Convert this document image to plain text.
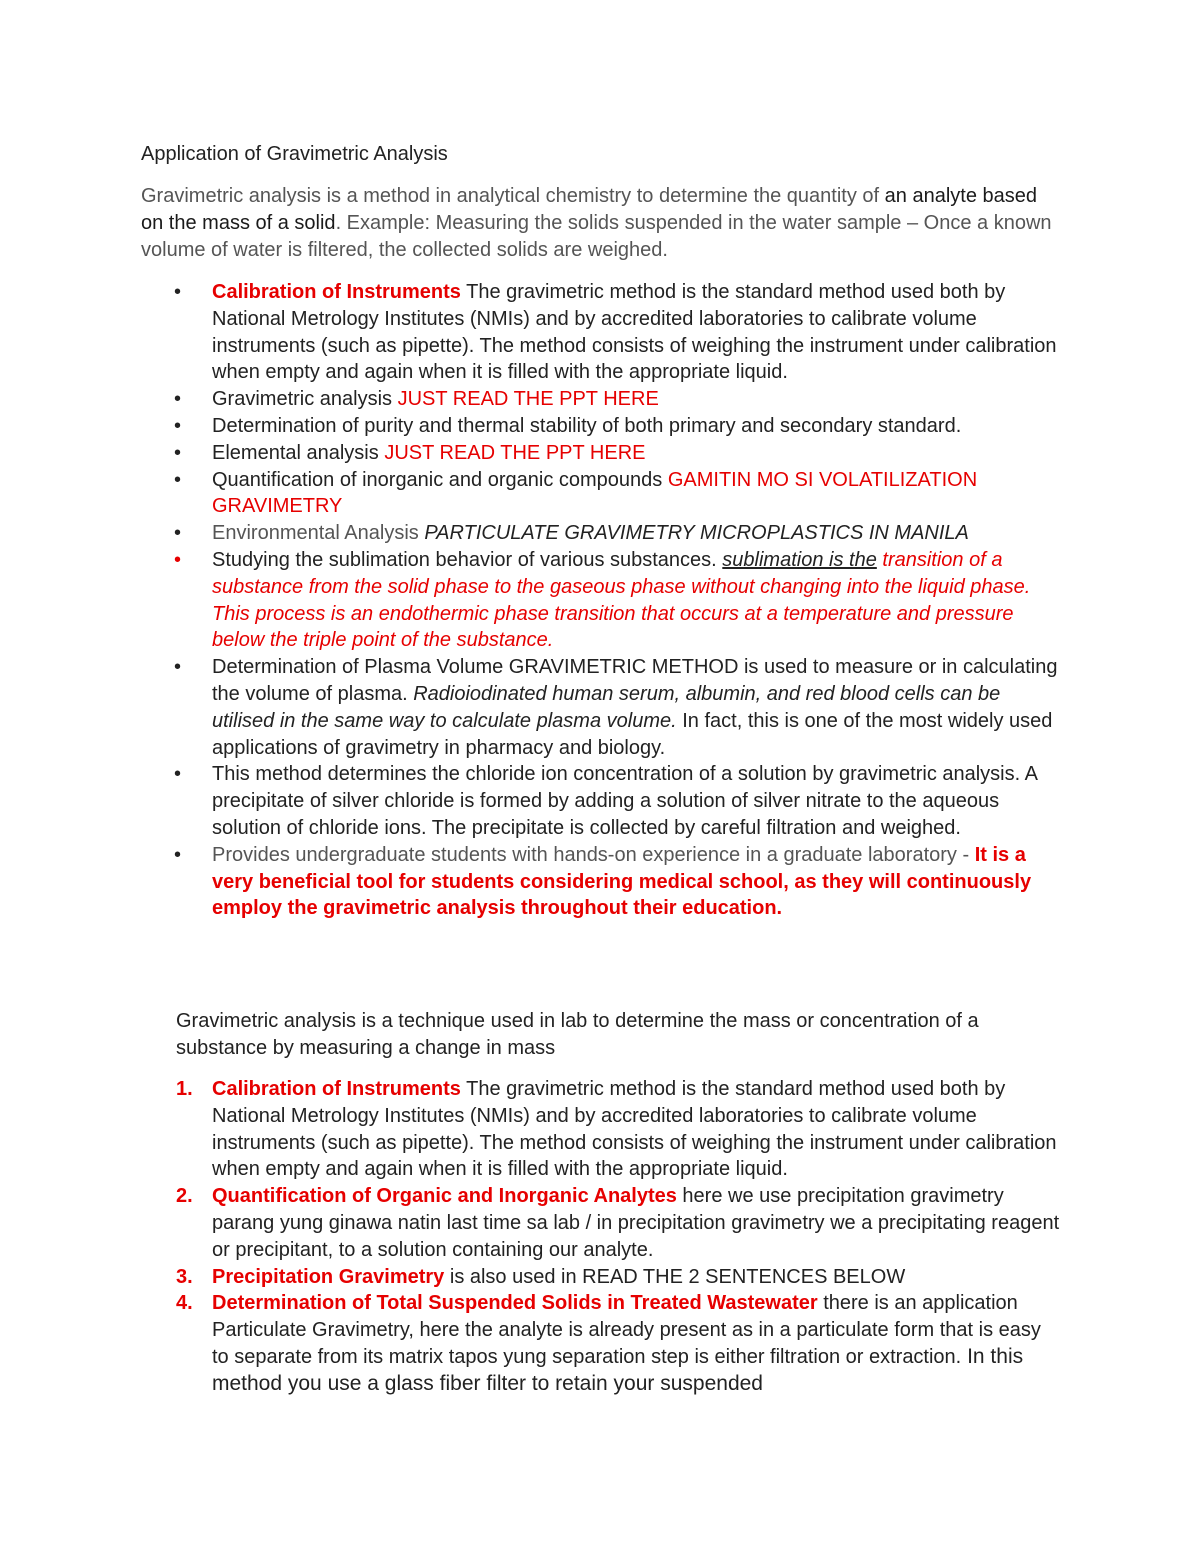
Application of Gravimetric Analysis

Gravimetric analysis is a method in analytical chemistry to determine the quantity of an analyte based on the mass of a solid. Example: Measuring the solids suspended in the water sample – Once a known volume of water is filtered, the collected solids are weighed.

• Calibration of Instruments The gravimetric method is the standard method used both by National Metrology Institutes (NMIs) and by accredited laboratories to calibrate volume instruments (such as pipette). The method consists of weighing the instrument under calibration when empty and again when it is filled with the appropriate liquid.
• Gravimetric analysis JUST READ THE PPT HERE
• Determination of purity and thermal stability of both primary and secondary standard.
• Elemental analysis JUST READ THE PPT HERE
• Quantification of inorganic and organic compounds GAMITIN MO SI VOLATILIZATION GRAVIMETRY
• Environmental Analysis PARTICULATE GRAVIMETRY MICROPLASTICS IN MANILA
• Studying the sublimation behavior of various substances. sublimation is the transition of a substance from the solid phase to the gaseous phase without changing into the liquid phase. This process is an endothermic phase transition that occurs at a temperature and pressure below the triple point of the substance.
• Determination of Plasma Volume GRAVIMETRIC METHOD is used to measure or in calculating the volume of plasma. Radioiodinated human serum, albumin, and red blood cells can be utilised in the same way to calculate plasma volume. In fact, this is one of the most widely used applications of gravimetry in pharmacy and biology.
• This method determines the chloride ion concentration of a solution by gravimetric analysis. A precipitate of silver chloride is formed by adding a solution of silver nitrate to the aqueous solution of chloride ions. The precipitate is collected by careful filtration and weighed.
• Provides undergraduate students with hands-on experience in a graduate laboratory - It is a very beneficial tool for students considering medical school, as they will continuously employ the gravimetric analysis throughout their education.

Gravimetric analysis is a technique used in lab to determine the mass or concentration of a substance by measuring a change in mass

1. Calibration of Instruments The gravimetric method is the standard method used both by National Metrology Institutes (NMIs) and by accredited laboratories to calibrate volume instruments (such as pipette). The method consists of weighing the instrument under calibration when empty and again when it is filled with the appropriate liquid.
2. Quantification of Organic and Inorganic Analytes here we use precipitation gravimetry parang yung ginawa natin last time sa lab / in precipitation gravimetry we a precipitating reagent or precipitant, to a solution containing our analyte.
3. Precipitation Gravimetry is also used in READ THE 2 SENTENCES BELOW
4. Determination of Total Suspended Solids in Treated Wastewater there is an application Particulate Gravimetry, here the analyte is already present as in a particulate form that is easy to separate from its matrix tapos yung separation step is either filtration or extraction. In this method you use a glass fiber filter to retain your suspended
